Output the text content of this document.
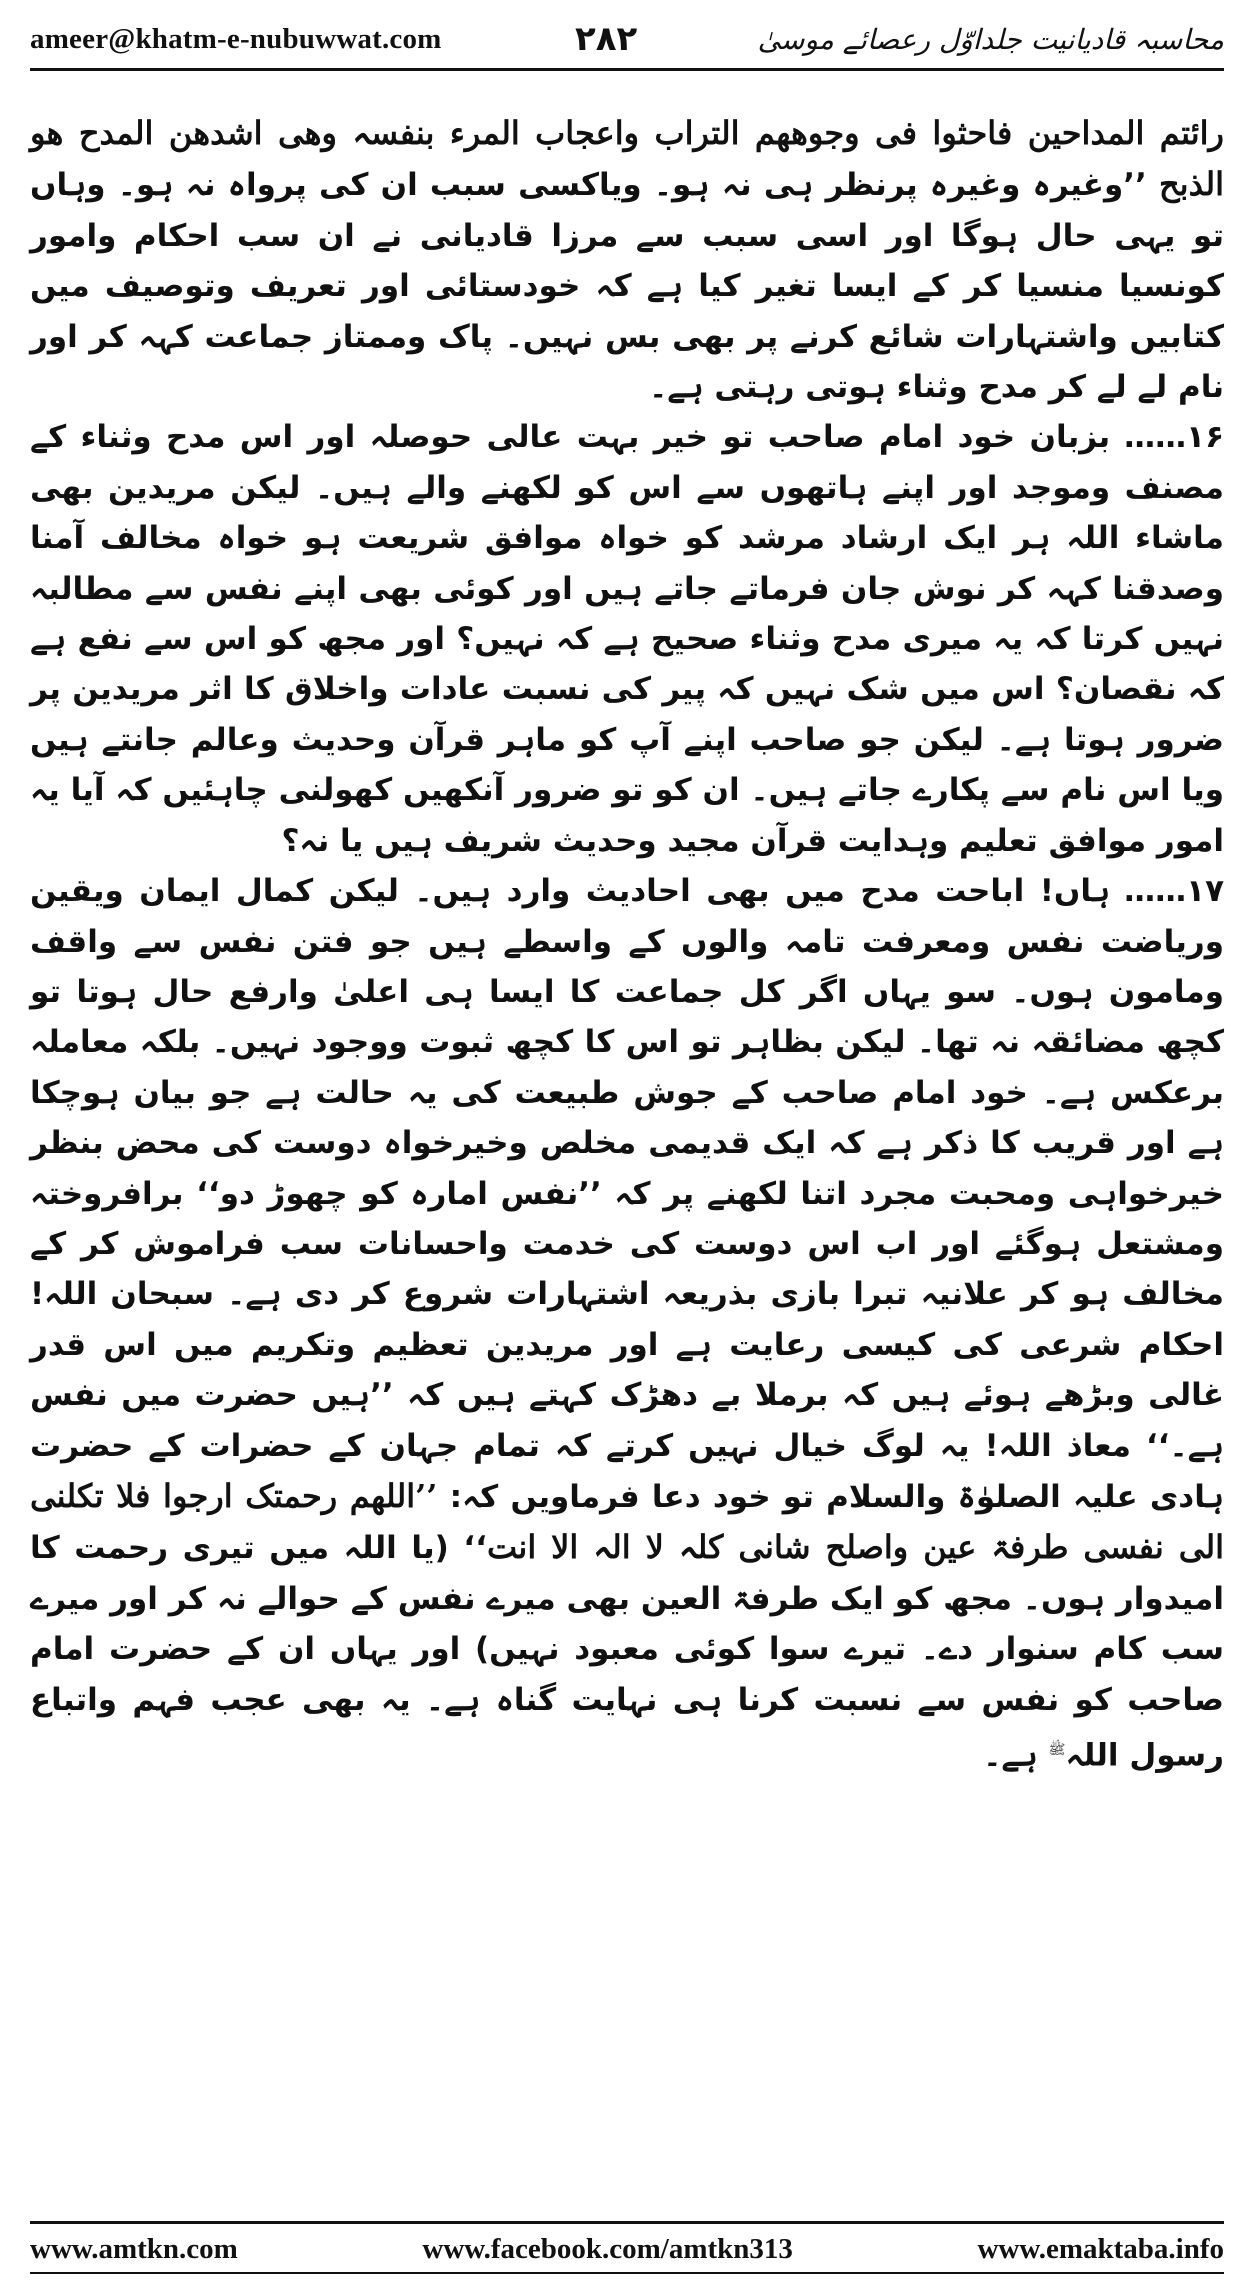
ameer@khatm-e-nubuwwat.com	۲۸۲	محاسبہ قادیانیت جلداوّل رعصائے موسیٰ

رائتم المداحین فاحثوا فی وجوھھم التراب واعجاب المرء بنفسہ وھی اشدھن المدح ھو الذبح ’’وغیرہ وغیرہ پرنظر ہی نہ ہو۔ ویاکسی سبب ان کی پرواہ نہ ہو۔ وہاں تو یہی حال ہوگا اور اسی سبب سے مرزا قادیانی نے ان سب احکام وامور کونسیا منسیا کر کے ایسا تغیر کیا ہے کہ خودستائی اور تعریف وتوصیف میں کتابیں واشتہارات شائع کرنے پر بھی بس نہیں۔ پاک وممتاز جماعت کہہ کر اور نام لے لے کر مدح وثناء ہوتی رہتی ہے۔

۱۶……بزبان خود امام صاحب تو خیر بہت عالی حوصلہ اور اس مدح وثناء کے مصنف وموجد اور اپنے ہاتھوں سے اس کو لکھنے والے ہیں۔ لیکن مریدین بھی ماشاء اللہ ہر ایک ارشاد مرشد کو خواہ موافق شریعت ہو خواہ مخالف آمنا وصدقنا کہہ کر نوش جان فرماتے جاتے ہیں اور کوئی بھی اپنے نفس سے مطالبہ نہیں کرتا کہ یہ میری مدح وثناء صحیح ہے کہ نہیں؟ اور مجھ کو اس سے نفع ہے کہ نقصان؟ اس میں شک نہیں کہ پیر کی نسبت عادات واخلاق کا اثر مریدین پر ضرور ہوتا ہے۔ لیکن جو صاحب اپنے آپ کو ماہر قرآن وحدیث وعالم جانتے ہیں ویا اس نام سے پکارے جاتے ہیں۔ ان کو تو ضرور آنکھیں کھولنی چاہئیں کہ آیا یہ امور موافق تعلیم وہدایت قرآن مجید وحدیث شریف ہیں یا نہ؟

۱۷……ہاں! اباحت مدح میں بھی احادیث وارد ہیں۔ لیکن کمال ایمان ویقین وریاضت نفس ومعرفت تامہ والوں کے واسطے ہیں جو فتن نفس سے واقف ومامون ہوں۔ سو یہاں اگر کل جماعت کا ایسا ہی اعلیٰ وارفع حال ہوتا تو کچھ مضائقہ نہ تھا۔ لیکن بظاہر تو اس کا کچھ ثبوت ووجود نہیں۔ بلکہ معاملہ برعکس ہے۔ خود امام صاحب کے جوش طبیعت کی یہ حالت ہے جو بیان ہوچکا ہے اور قریب کا ذکر ہے کہ ایک قدیمی مخلص وخیرخواہ دوست کی محض بنظر خیرخواہی ومحبت مجرد اتنا لکھنے پر کہ ’’نفس امارہ کو چھوڑ دو‘‘ برافروختہ ومشتعل ہوگئے اور اب اس دوست کی خدمت واحسانات سب فراموش کر کے مخالف ہو کر علانیہ تبرا بازی بذریعہ اشتہارات شروع کر دی ہے۔ سبحان اللہ! احکام شرعی کی کیسی رعایت ہے اور مریدین تعظیم وتکریم میں اس قدر غالی وبڑھے ہوئے ہیں کہ برملا بے دھڑک کہتے ہیں کہ ’’ہیں حضرت میں نفس ہے۔‘‘ معاذ اللہ! یہ لوگ خیال نہیں کرتے کہ تمام جہان کے حضرات کے حضرت ہادی علیہ الصلوٰۃ والسلام تو خود دعا فرماویں کہ: ’’اللھم رحمتک ارجوا فلا تکلنی الی نفسی طرفۃ عین واصلح شانی کلہ لا الہ الا انت‘‘ (یا اللہ میں تیری رحمت کا امیدوار ہوں۔ مجھ کو ایک طرفۃ العین بھی میرے نفس کے حوالے نہ کر اور میرے سب کام سنوار دے۔ تیرے سوا کوئی معبود نہیں) اور یہاں ان کے حضرت امام صاحب کو نفس سے نسبت کرنا ہی نہایت گناہ ہے۔ یہ بھی عجب فہم واتباع رسول اللہ$^ﷺ$ ہے۔

www.amtkn.com	www.facebook.com/amtkn313	www.emaktaba.info
